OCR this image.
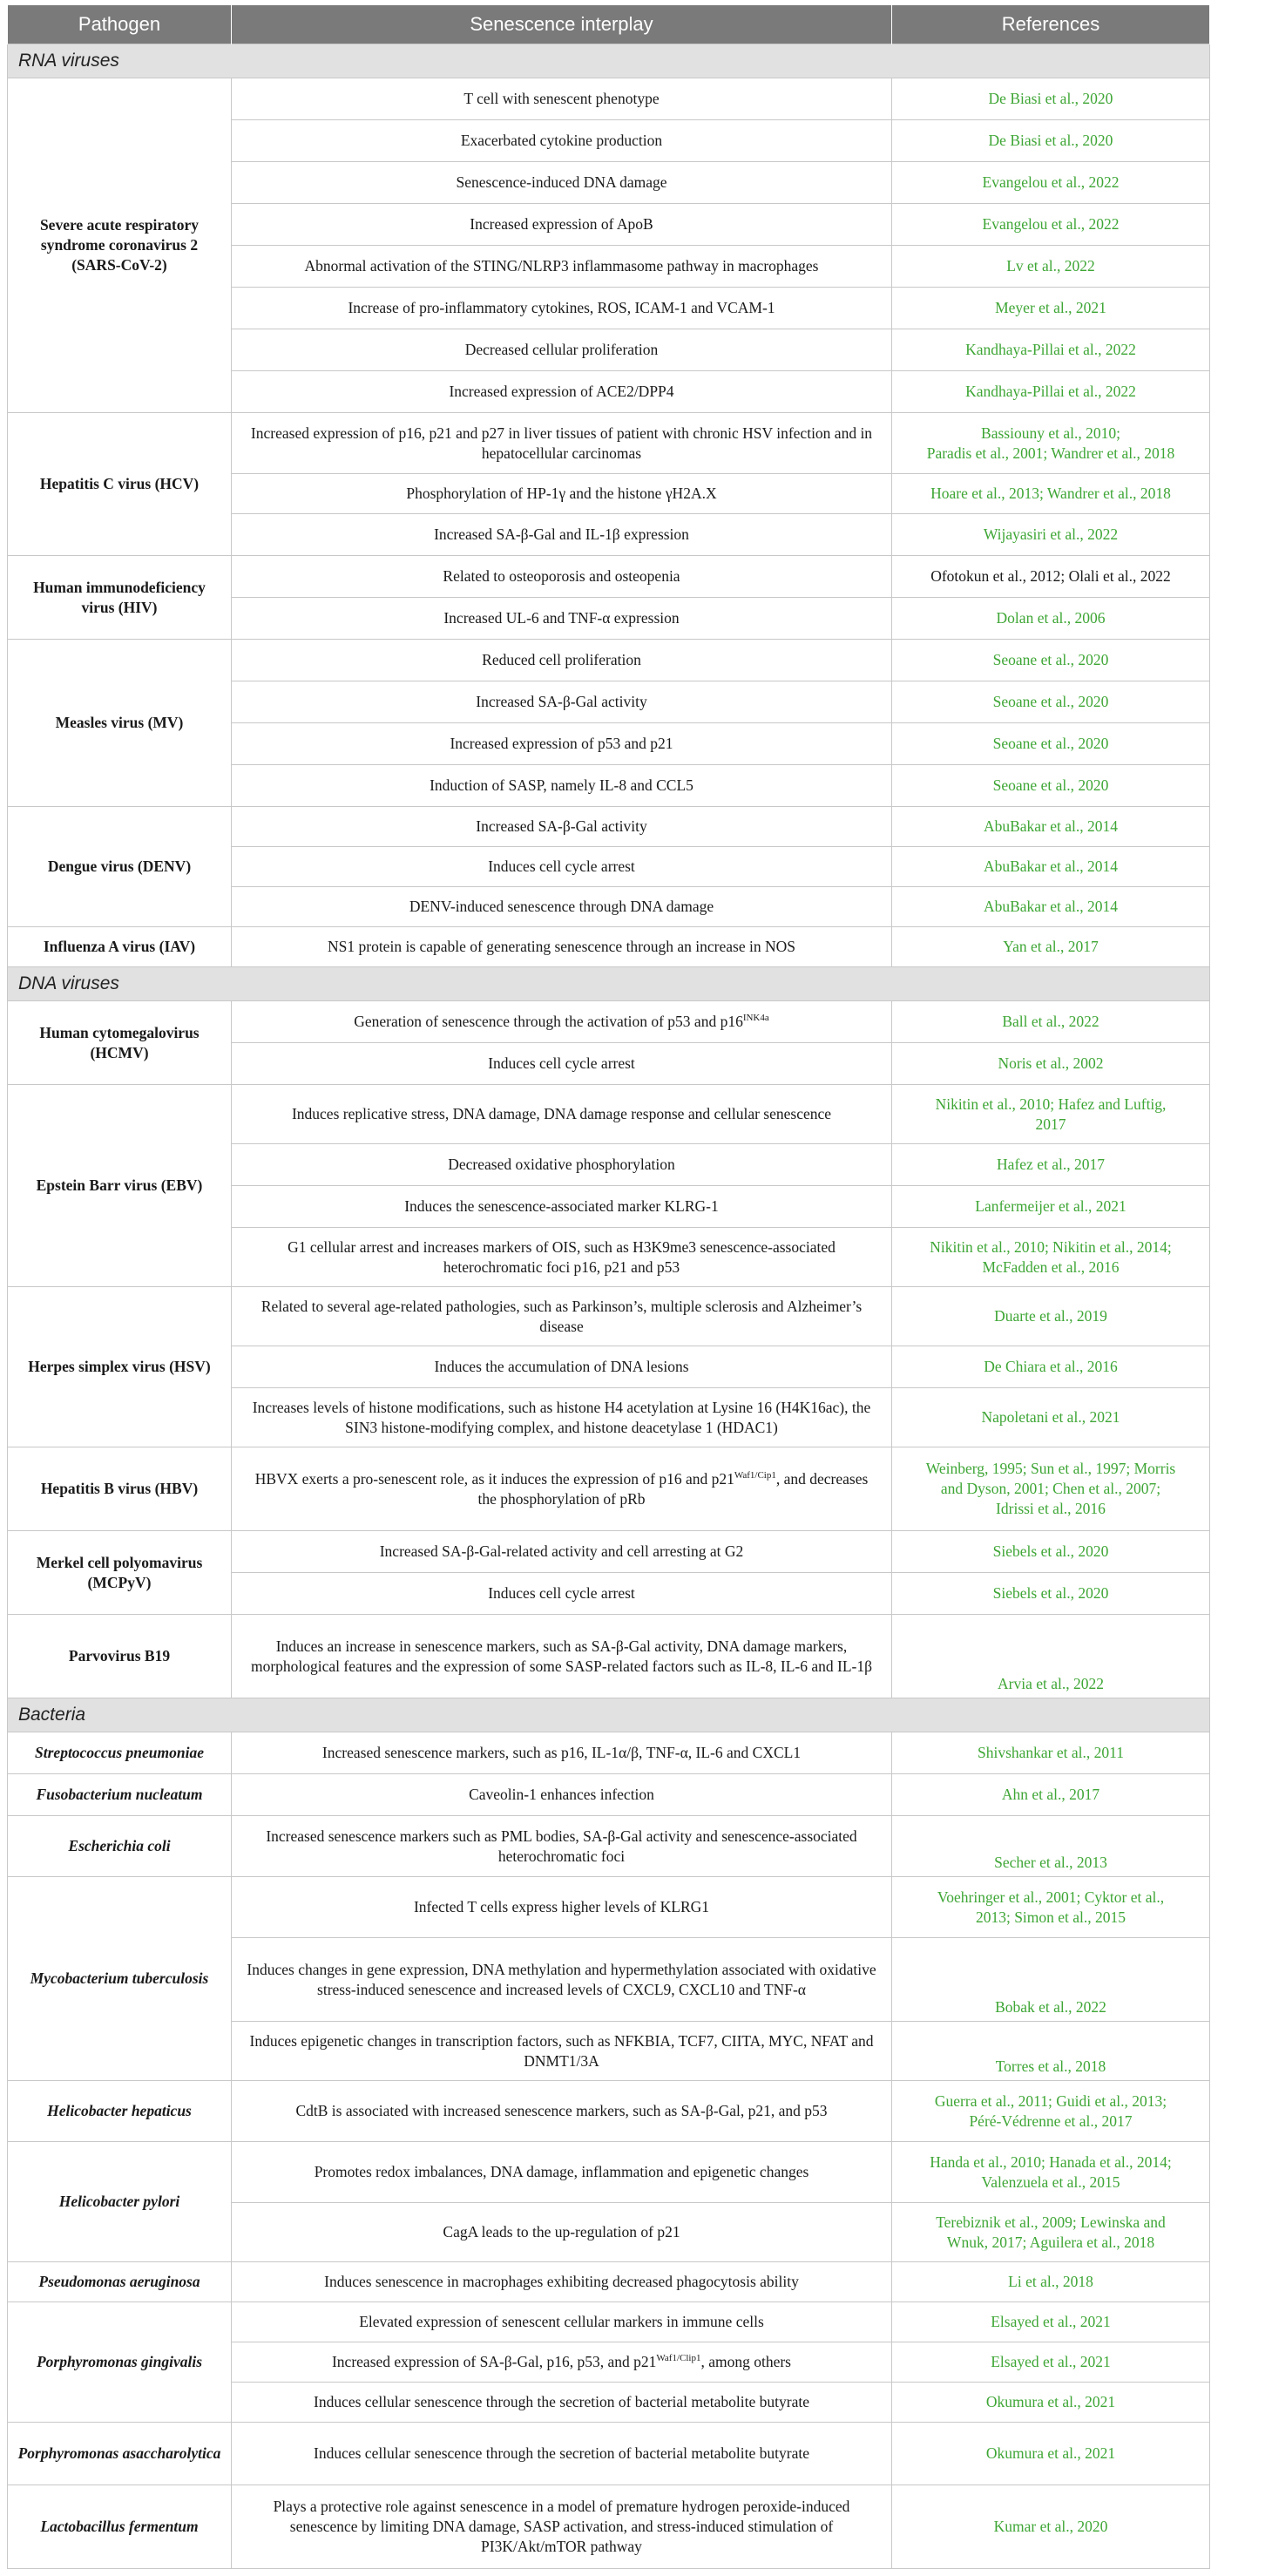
Pathogen	Senescence interplay	References
RNA viruses		
Severe acute respiratory syndrome coronavirus 2 (SARS-CoV-2)	T cell with senescent phenotype	De Biasi et al., 2020
	Exacerbated cytokine production	De Biasi et al., 2020
	Senescence-induced DNA damage	Evangelou et al., 2022
	Increased expression of ApoB	Evangelou et al., 2022
	Abnormal activation of the STING/NLRP3 inflammasome pathway in macrophages	Lv et al., 2022
	Increase of pro-inflammatory cytokines, ROS, ICAM-1 and VCAM-1	Meyer et al., 2021
	Decreased cellular proliferation	Kandhaya-Pillai et al., 2022
	Increased expression of ACE2/DPP4	Kandhaya-Pillai et al., 2022
Hepatitis C virus (HCV)	Increased expression of p16, p21 and p27 in liver tissues of patient with chronic HSV infection and in hepatocellular carcinomas	Bassiouny et al., 2010;
Paradis et al., 2001; Wandrer et al., 2018
	Phosphorylation of HP-1γ and the histone γH2A.X	Hoare et al., 2013; Wandrer et al., 2018
	Increased SA-β-Gal and IL-1β expression	Wijayasiri et al., 2022
Human immunodeficiency virus (HIV)	Related to osteoporosis and osteopenia	Ofotokun et al., 2012; Olali et al., 2022
	Increased UL-6 and TNF-α expression	Dolan et al., 2006
Measles virus (MV)	Reduced cell proliferation	Seoane et al., 2020
	Increased SA-β-Gal activity	Seoane et al., 2020
	Increased expression of p53 and p21	Seoane et al., 2020
	Induction of SASP, namely IL-8 and CCL5	Seoane et al., 2020
Dengue virus (DENV)	Increased SA-β-Gal activity	AbuBakar et al., 2014
	Induces cell cycle arrest	AbuBakar et al., 2014
	DENV-induced senescence through DNA damage	AbuBakar et al., 2014
Influenza A virus (IAV)	NS1 protein is capable of generating senescence through an increase in NOS	Yan et al., 2017
DNA viruses		
Human cytomegalovirus (HCMV)	Generation of senescence through the activation of p53 and $p16^{INK4a}$	Ball et al., 2022
	Induces cell cycle arrest	Noris et al., 2002
Epstein Barr virus (EBV)	Induces replicative stress, DNA damage, DNA damage response and cellular senescence	Nikitin et al., 2010; Hafez and Luftig,
2017
	Decreased oxidative phosphorylation	Hafez et al., 2017
	Induces the senescence-associated marker KLRG-1	Lanfermeijer et al., 2021
	G1 cellular arrest and increases markers of OIS, such as H3K9me3 senescence-associated heterochromatic foci p16, p21 and p53	Nikitin et al., 2010; Nikitin et al., 2014;
McFadden et al., 2016
Herpes simplex virus (HSV)	Related to several age-related pathologies, such as Parkinson’s, multiple sclerosis and Alzheimer’s disease	Duarte et al., 2019
	Induces the accumulation of DNA lesions	De Chiara et al., 2016
	Increases levels of histone modifications, such as histone H4 acetylation at Lysine 16 (H4K16ac), the SIN3 histone-modifying complex, and histone deacetylase 1 (HDAC1)	Napoletani et al., 2021
Hepatitis B virus (HBV)	HBVX exerts a pro-senescent role, as it induces the expression of p16 and $p21^{Waf1/Cip1}$, and decreases the phosphorylation of pRb	Weinberg, 1995; Sun et al., 1997; Morris
and Dyson, 2001; Chen et al., 2007;
Idrissi et al., 2016
Merkel cell polyomavirus (MCPyV)	Increased SA-β-Gal-related activity and cell arresting at G2	Siebels et al., 2020
	Induces cell cycle arrest	Siebels et al., 2020
Parvovirus B19	Induces an increase in senescence markers, such as SA-β-Gal activity, DNA damage markers, morphological features and the expression of some SASP-related factors such as IL-8, IL-6 and IL-1β	Arvia et al., 2022
Bacteria		
Streptococcus pneumoniae	Increased senescence markers, such as p16, IL-1α/β, TNF-α, IL-6 and CXCL1	Shivshankar et al., 2011
Fusobacterium nucleatum	Caveolin-1 enhances infection	Ahn et al., 2017
Escherichia coli	Increased senescence markers such as PML bodies, SA-β-Gal activity and senescence-associated heterochromatic foci	Secher et al., 2013
Mycobacterium tuberculosis	Infected T cells express higher levels of KLRG1	Voehringer et al., 2001; Cyktor et al.,
2013; Simon et al., 2015
	Induces changes in gene expression, DNA methylation and hypermethylation associated with oxidative stress-induced senescence and increased levels of CXCL9, CXCL10 and TNF-α	Bobak et al., 2022
	Induces epigenetic changes in transcription factors, such as NFKBIA, TCF7, CIITA, MYC, NFAT and DNMT1/3A	Torres et al., 2018
Helicobacter hepaticus	CdtB is associated with increased senescence markers, such as SA-β-Gal, p21, and p53	Guerra et al., 2011; Guidi et al., 2013;
Péré-Védrenne et al., 2017
Helicobacter pylori	Promotes redox imbalances, DNA damage, inflammation and epigenetic changes	Handa et al., 2010; Hanada et al., 2014;
Valenzuela et al., 2015
	CagA leads to the up-regulation of p21	Terebiznik et al., 2009; Lewinska and
Wnuk, 2017; Aguilera et al., 2018
Pseudomonas aeruginosa	Induces senescence in macrophages exhibiting decreased phagocytosis ability	Li et al., 2018
Porphyromonas gingivalis	Elevated expression of senescent cellular markers in immune cells	Elsayed et al., 2021
	Increased expression of SA-β-Gal, p16, p53, and $p21^{Waf1/Clip1}$, among others	Elsayed et al., 2021
	Induces cellular senescence through the secretion of bacterial metabolite butyrate	Okumura et al., 2021
Porphyromonas asaccharolytica	Induces cellular senescence through the secretion of bacterial metabolite butyrate	Okumura et al., 2021
Lactobacillus fermentum	Plays a protective role against senescence in a model of premature hydrogen peroxide-induced senescence by limiting DNA damage, SASP activation, and stress-induced stimulation of PI3K/Akt/mTOR pathway	Kumar et al., 2020
